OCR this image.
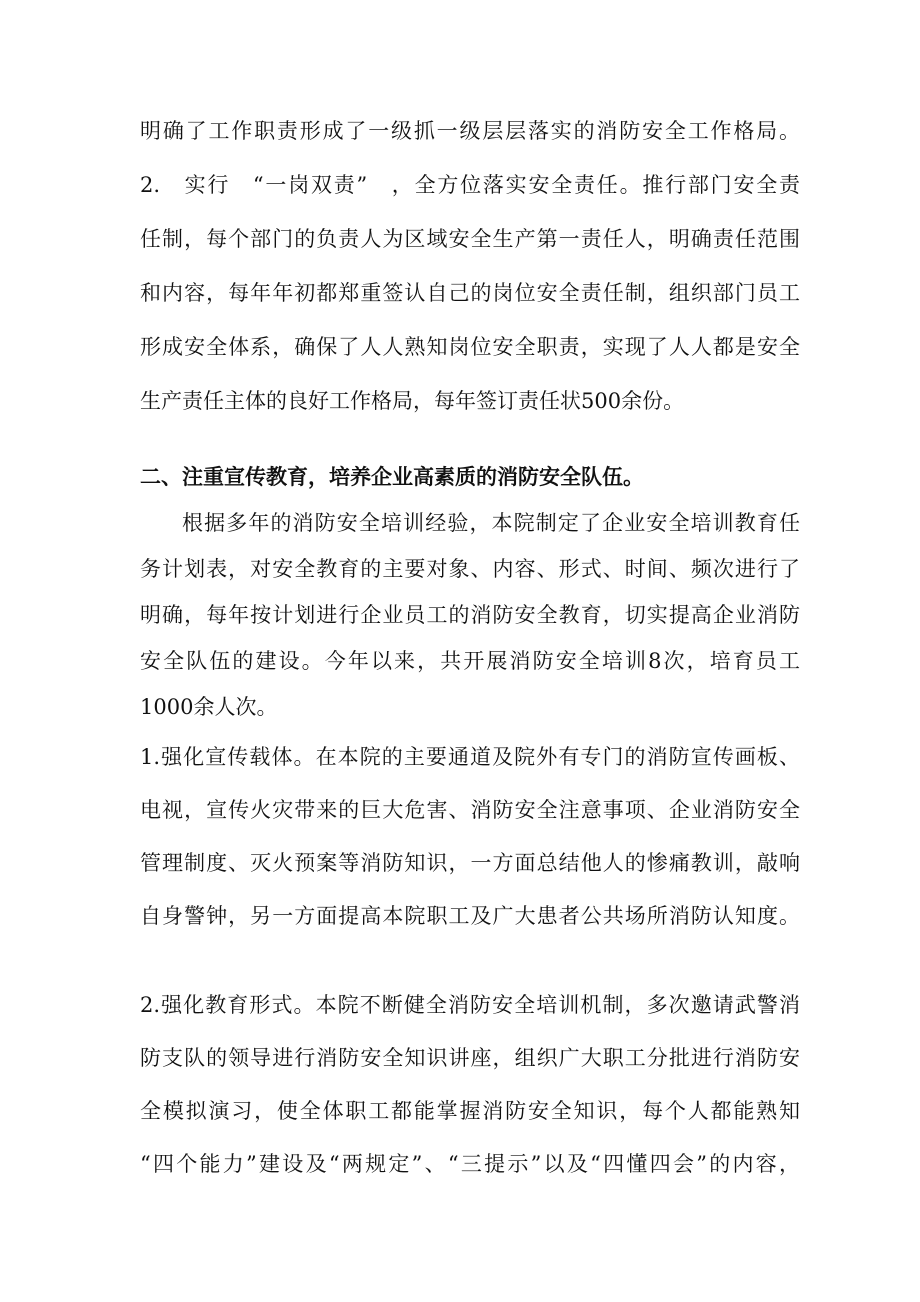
明确了工作职责形成了一级抓一级层层落实的消防安全工作格局。
2.　实行　“一岗双责”　，全方位落实安全责任。推行部门安全责
任制，每个部门的负责人为区域安全生产第一责任人，明确责任范围
和内容，每年年初都郑重签认自己的岗位安全责任制，组织部门员工
形成安全体系，确保了人人熟知岗位安全职责，实现了人人都是安全
生产责任主体的良好工作格局，每年签订责任状500余份。
二、注重宣传教育，培养企业高素质的消防安全队伍。
根据多年的消防安全培训经验，本院制定了企业安全培训教育任
务计划表，对安全教育的主要对象、内容、形式、时间、频次进行了
明确，每年按计划进行企业员工的消防安全教育，切实提高企业消防
安全队伍的建设。今年以来，共开展消防安全培训8次，培育员工
1000余人次。
1.强化宣传载体。在本院的主要通道及院外有专门的消防宣传画板、
电视，宣传火灾带来的巨大危害、消防安全注意事项、企业消防安全
管理制度、灭火预案等消防知识，一方面总结他人的惨痛教训，敲响
自身警钟，另一方面提高本院职工及广大患者公共场所消防认知度。
2.强化教育形式。本院不断健全消防安全培训机制，多次邀请武警消
防支队的领导进行消防安全知识讲座，组织广大职工分批进行消防安
全模拟演习，使全体职工都能掌握消防安全知识，每个人都能熟知
“四个能力”建设及“两规定”、“三提示”以及“四懂四会”的内容，
